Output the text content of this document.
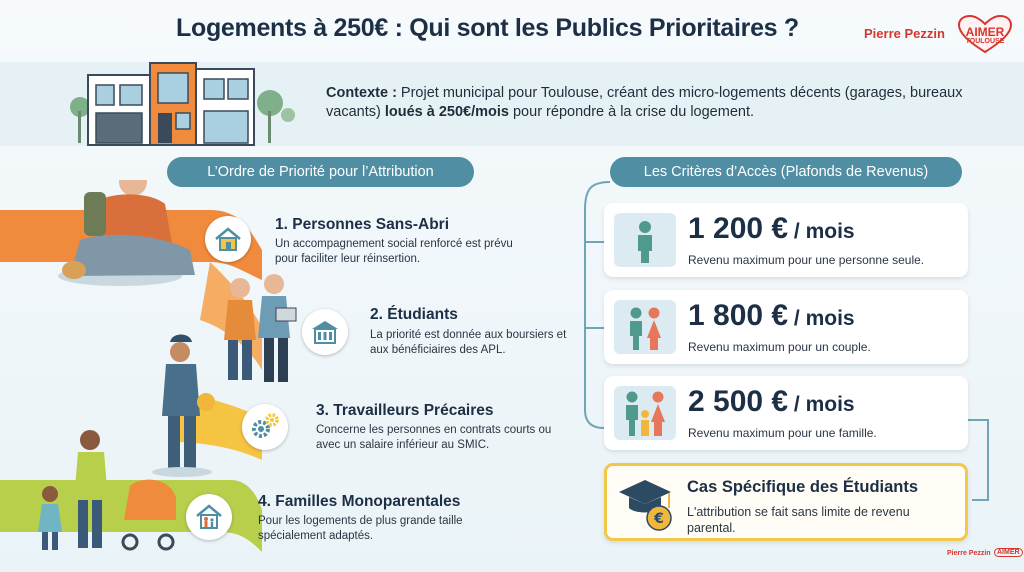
Logements à 250€ : Qui sont les Publics Prioritaires ?	Pierre Pezzin	AIMER
TOULOUSE
Contexte : Projet municipal pour Toulouse, créant des micro-logements décents (garages, bureaux vacants) loués à 250€/mois pour répondre à la crise du logement.
L’Ordre de Priorité pour l’Attribution
1. Personnes Sans-Abri
Un accompagnement social renforcé est prévu pour faciliter leur réinsertion.
2. Étudiants
La priorité est donnée aux boursiers et aux bénéficiaires des APL.
3. Travailleurs Précaires
Concerne les personnes en contrats courts ou avec un salaire inférieur au SMIC.
4. Familles Monoparentales
Pour les logements de plus grande taille spécialement adaptés.
Les Critères d’Accès (Plafonds de Revenus)
1 200 € / mois
Revenu maximum pour une personne seule.
1 800 € / mois
Revenu maximum pour un couple.
2 500 € / mois
Revenu maximum pour une famille.
€
Cas Spécifique des Étudiants
L'attribution se fait sans limite de revenu parental.
Pierre Pezzin AIMER
